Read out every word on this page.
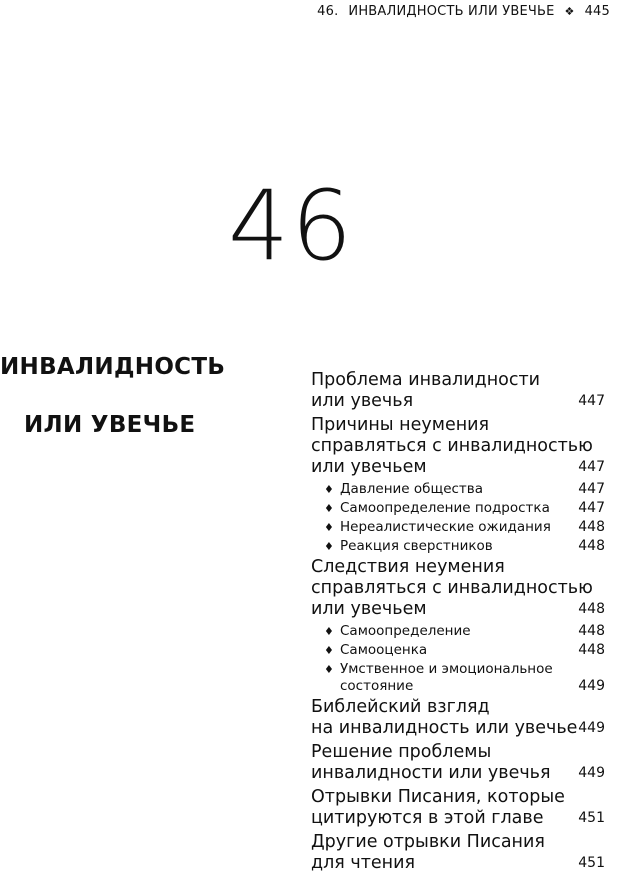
46. ИНВАЛИДНОСТЬ ИЛИ УВЕЧЬЕ ❖ 445
46
ИНВАЛИДНОСТЬ
ИЛИ УВЕЧЬЕ
Проблема инвалидности
или увечья	447
Причины неумения
справляться с инвалидностью
или увечьем	447
♦ Давление общества	447
♦ Самоопределение подростка	447
♦ Нереалистические ожидания	448
♦ Реакция сверстников	448
Следствия неумения
справляться с инвалидностью
или увечьем	448
♦ Самоопределение	448
♦ Самооценка	448
♦ Умственное и эмоциональное
состояние	449
Библейский взгляд
на инвалидность или увечье 449
Решение проблемы
инвалидности или увечья	449
Отрывки Писания, которые
цитируются в этой главе	451
Другие отрывки Писания
для чтения	451
